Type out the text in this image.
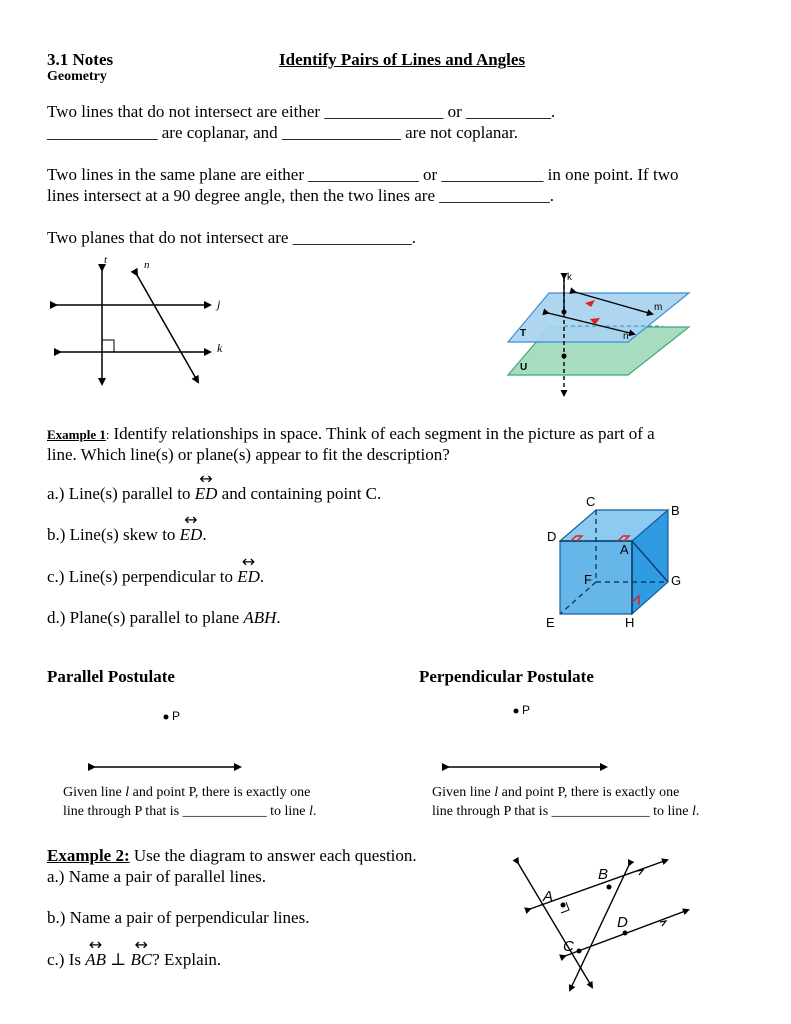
3.1 Notes
Geometry
Identify Pairs of Lines and Angles
Two lines that do not intersect are either ______________ or __________.
_____________ are coplanar, and ______________ are not coplanar.
Two lines in the same plane are either _____________ or ____________ in one point. If two
lines intersect at a 90 degree angle, then the two lines are _____________.
Two planes that do not intersect are ______________.
t	n
j
k
k
m
n
T
U
Example 1: Identify relationships in space. Think of each segment in the picture as part of a
line. Which line(s) or plane(s) appear to fit the description?
a.) Line(s) parallel to ↔ ED and containing point C.
b.) Line(s) skew to ↔ ED.
c.) Line(s) perpendicular to ↔ ED.
d.) Plane(s) parallel to plane ABH.
C
B
D
A
F	G
E	H
Parallel Postulate	Perpendicular Postulate
P	P
Given line l and point P, there is exactly one
line through P that is ____________ to line l.
Given line l and point P, there is exactly one
line through P that is ______________ to line l.
Example 2: Use the diagram to answer each question.
a.) Name a pair of parallel lines.
b.) Name a pair of perpendicular lines.
c.) Is ↔ AB ⊥ ↔ BC? Explain.
A
B
C
D
